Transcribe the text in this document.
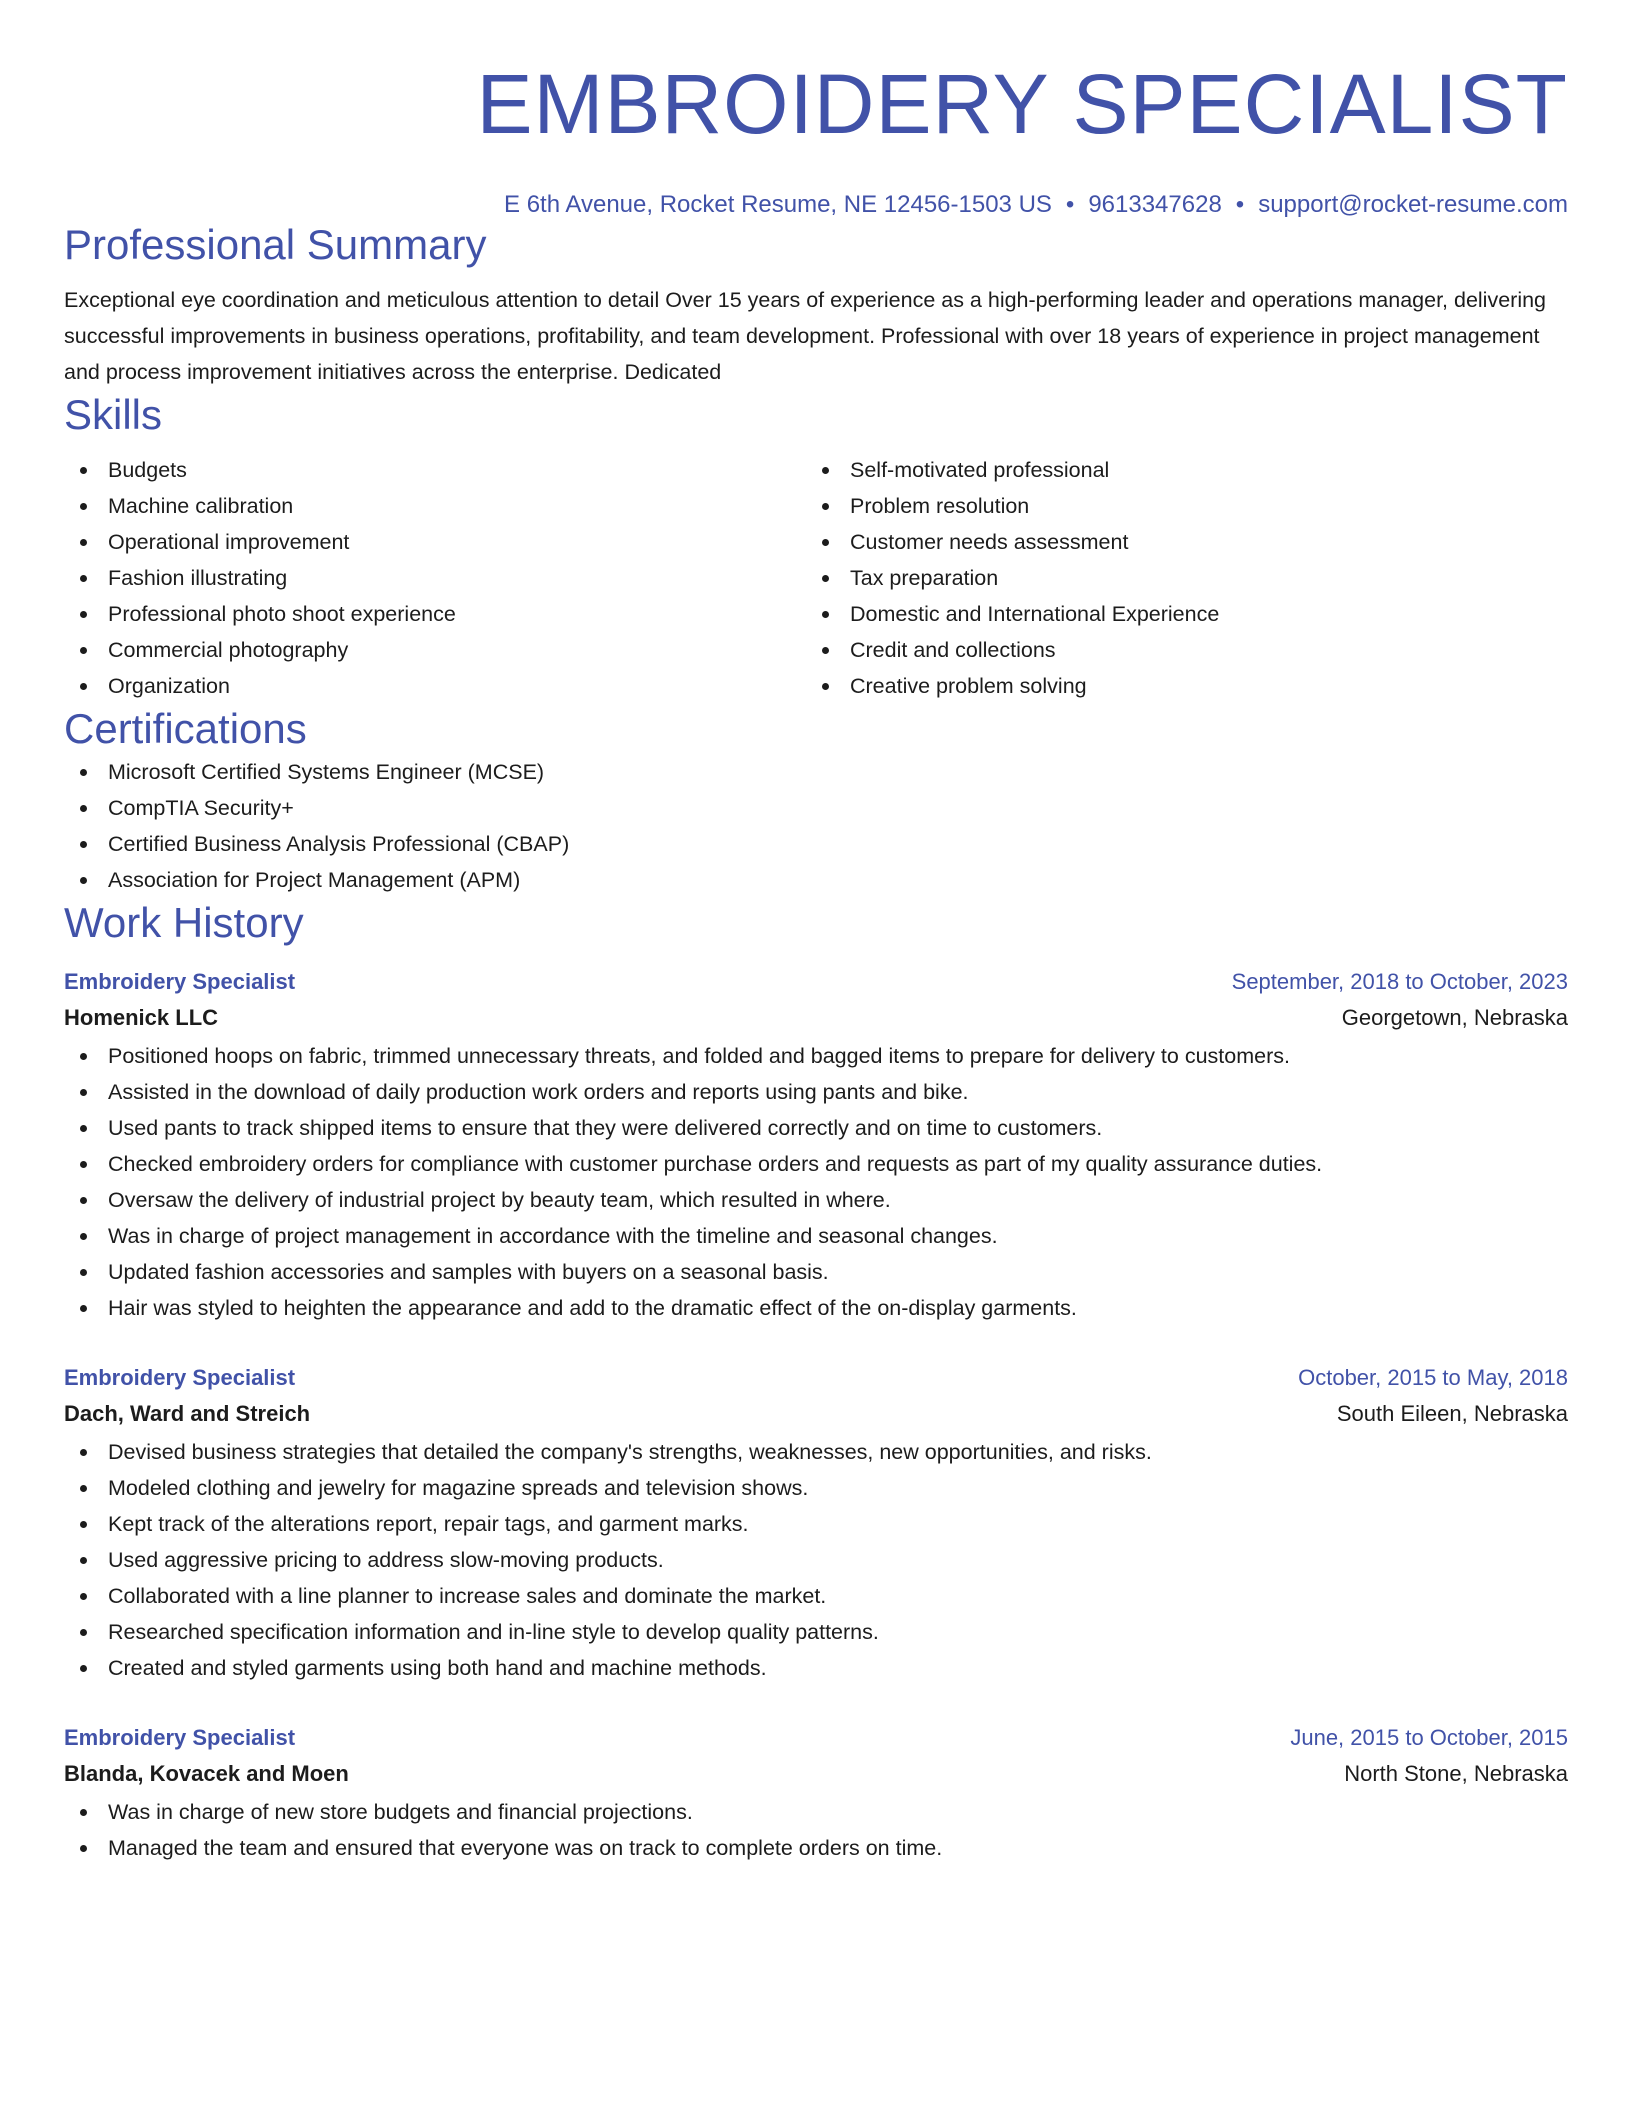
EMBROIDERY SPECIALIST
E 6th Avenue, Rocket Resume, NE 12456-1503 US • 9613347628 • support@rocket-resume.com
Professional Summary
Exceptional eye coordination and meticulous attention to detail Over 15 years of experience as a high-performing leader and operations manager, delivering successful improvements in business operations, profitability, and team development. Professional with over 18 years of experience in project management and process improvement initiatives across the enterprise. Dedicated
Skills
Budgets
Machine calibration
Operational improvement
Fashion illustrating
Professional photo shoot experience
Commercial photography
Organization
Self-motivated professional
Problem resolution
Customer needs assessment
Tax preparation
Domestic and International Experience
Credit and collections
Creative problem solving
Certifications
Microsoft Certified Systems Engineer (MCSE)
CompTIA Security+
Certified Business Analysis Professional (CBAP)
Association for Project Management (APM)
Work History
Embroidery Specialist	September, 2018 to October, 2023
Homenick LLC	Georgetown, Nebraska
Positioned hoops on fabric, trimmed unnecessary threats, and folded and bagged items to prepare for delivery to customers.
Assisted in the download of daily production work orders and reports using pants and bike.
Used pants to track shipped items to ensure that they were delivered correctly and on time to customers.
Checked embroidery orders for compliance with customer purchase orders and requests as part of my quality assurance duties.
Oversaw the delivery of industrial project by beauty team, which resulted in where.
Was in charge of project management in accordance with the timeline and seasonal changes.
Updated fashion accessories and samples with buyers on a seasonal basis.
Hair was styled to heighten the appearance and add to the dramatic effect of the on-display garments.
Embroidery Specialist	October, 2015 to May, 2018
Dach, Ward and Streich	South Eileen, Nebraska
Devised business strategies that detailed the company's strengths, weaknesses, new opportunities, and risks.
Modeled clothing and jewelry for magazine spreads and television shows.
Kept track of the alterations report, repair tags, and garment marks.
Used aggressive pricing to address slow-moving products.
Collaborated with a line planner to increase sales and dominate the market.
Researched specification information and in-line style to develop quality patterns.
Created and styled garments using both hand and machine methods.
Embroidery Specialist	June, 2015 to October, 2015
Blanda, Kovacek and Moen	North Stone, Nebraska
Was in charge of new store budgets and financial projections.
Managed the team and ensured that everyone was on track to complete orders on time.
